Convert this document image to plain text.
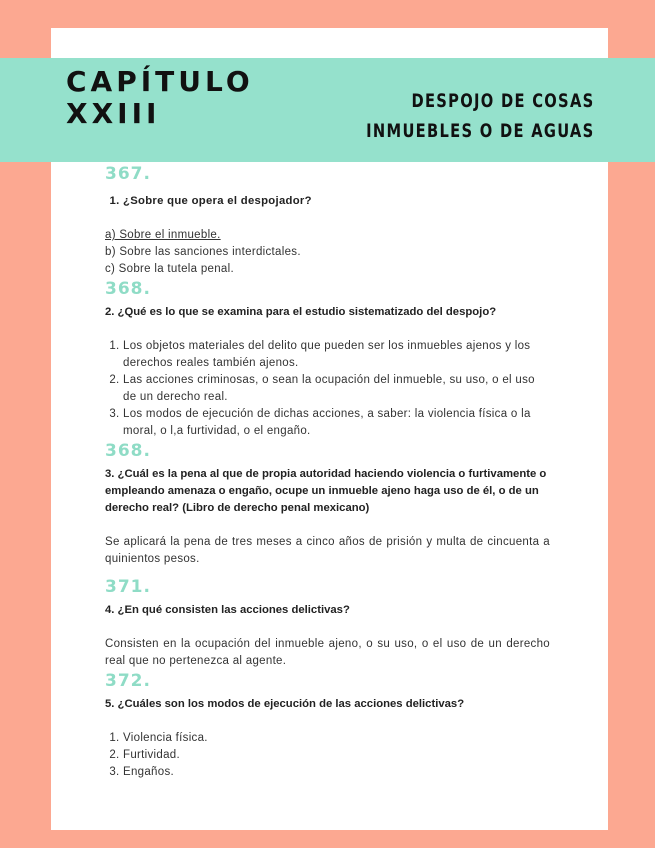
CAPÍTULO
XXIII	DESPOJO DE COSAS
INMUEBLES O DE AGUAS
367.
1. ¿Sobre que opera el despojador?
a) Sobre el inmueble.
b) Sobre las sanciones interdictales.
c) Sobre la tutela penal.
368.
2. ¿Qué es lo que se examina para el estudio sistematizado del despojo?
1. Los objetos materiales del delito que pueden ser los inmuebles ajenos y los derechos reales también ajenos.
2. Las acciones criminosas, o sean la ocupación del inmueble, su uso, o el uso de un derecho real.
3. Los modos de ejecución de dichas acciones, a saber: la violencia física o la moral, o l,a furtividad, o el engaño.
368.
3. ¿Cuál es la pena al que de propia autoridad haciendo violencia o furtivamente o empleando amenaza o engaño, ocupe un inmueble ajeno haga uso de él, o de un derecho real? (Libro de derecho penal mexicano)
Se aplicará la pena de tres meses a cinco años de prisión y multa de cincuenta a quinientos pesos.
371.
4. ¿En qué consisten las acciones delictivas?
Consisten en la ocupación del inmueble ajeno, o su uso, o el uso de un derecho real que no pertenezca al agente.
372.
5. ¿Cuáles son los modos de ejecución de las acciones delictivas?
1. Violencia física.
2. Furtividad.
3. Engaños.
